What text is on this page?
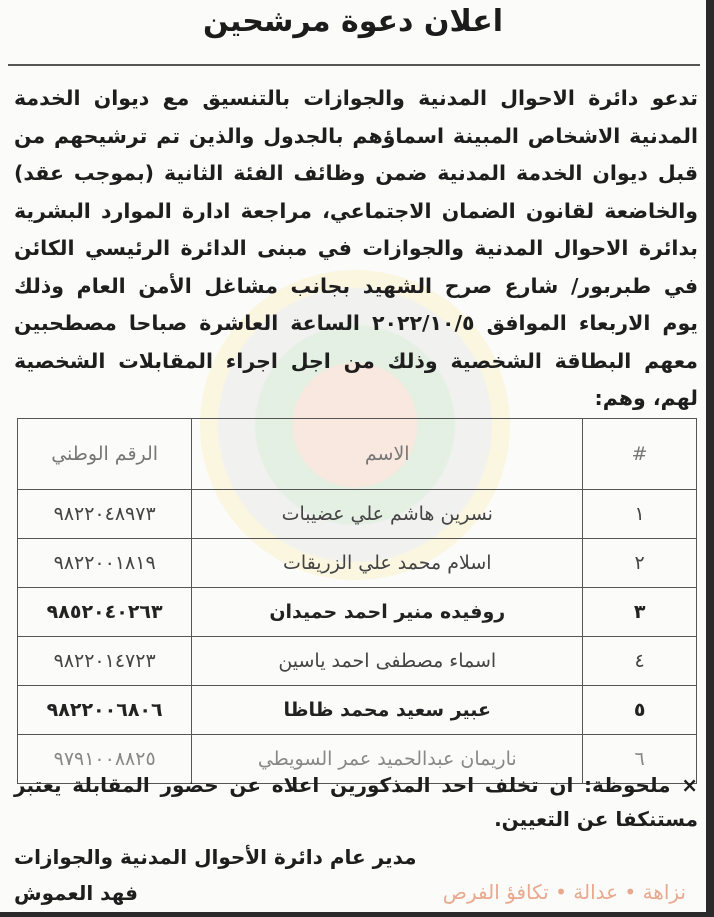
نزاهة • عدالة • تكافؤ الفرص
اعلان دعوة مرشحين
تدعو دائرة الاحوال المدنية والجوازات بالتنسيق مع ديوان الخدمة
المدنية الاشخاص المبينة اسماؤهم بالجدول والذين تم ترشيحهم من
قبل ديوان الخدمة المدنية ضمن وظائف الفئة الثانية (بموجب عقد)
والخاضعة لقانون الضمان الاجتماعي، مراجعة ادارة الموارد البشرية
بدائرة الاحوال المدنية والجوازات في مبنى الدائرة الرئيسي الكائن
في طبربور/ شارع صرح الشهيد بجانب مشاغل الأمن العام وذلك
يوم الاربعاء الموافق ٢٠٢٢/١٠/٥ الساعة العاشرة صباحا مصطحبين
معهم البطاقة الشخصية وذلك من اجل اجراء المقابلات الشخصية
لهم، وهم:
#	الاسم	الرقم الوطني
١	نسرين هاشم علي عضيبات	٩٨٢٢٠٤٨٩٧٣
٢	اسلام محمد علي الزريقات	٩٨٢٢٠٠١٨١٩
٣	روفيده منير احمد حميدان	٩٨٥٢٠٤٠٢٦٣
٤	اسماء مصطفى احمد ياسين	٩٨٢٢٠١٤٧٢٣
٥	عبير سعيد محمد ظاظا	٩٨٢٢٠٠٦٨٠٦
٦	ناريمان عبدالحميد عمر السويطي	٩٧٩١٠٠٨٨٢٥
× ملحوظة: ان تخلف احد المذكورين اعلاه عن حضور المقابلة يعتبر
مستنكفا عن التعيين.
مدير عام دائرة الأحوال المدنية والجوازات
فهد العموش
